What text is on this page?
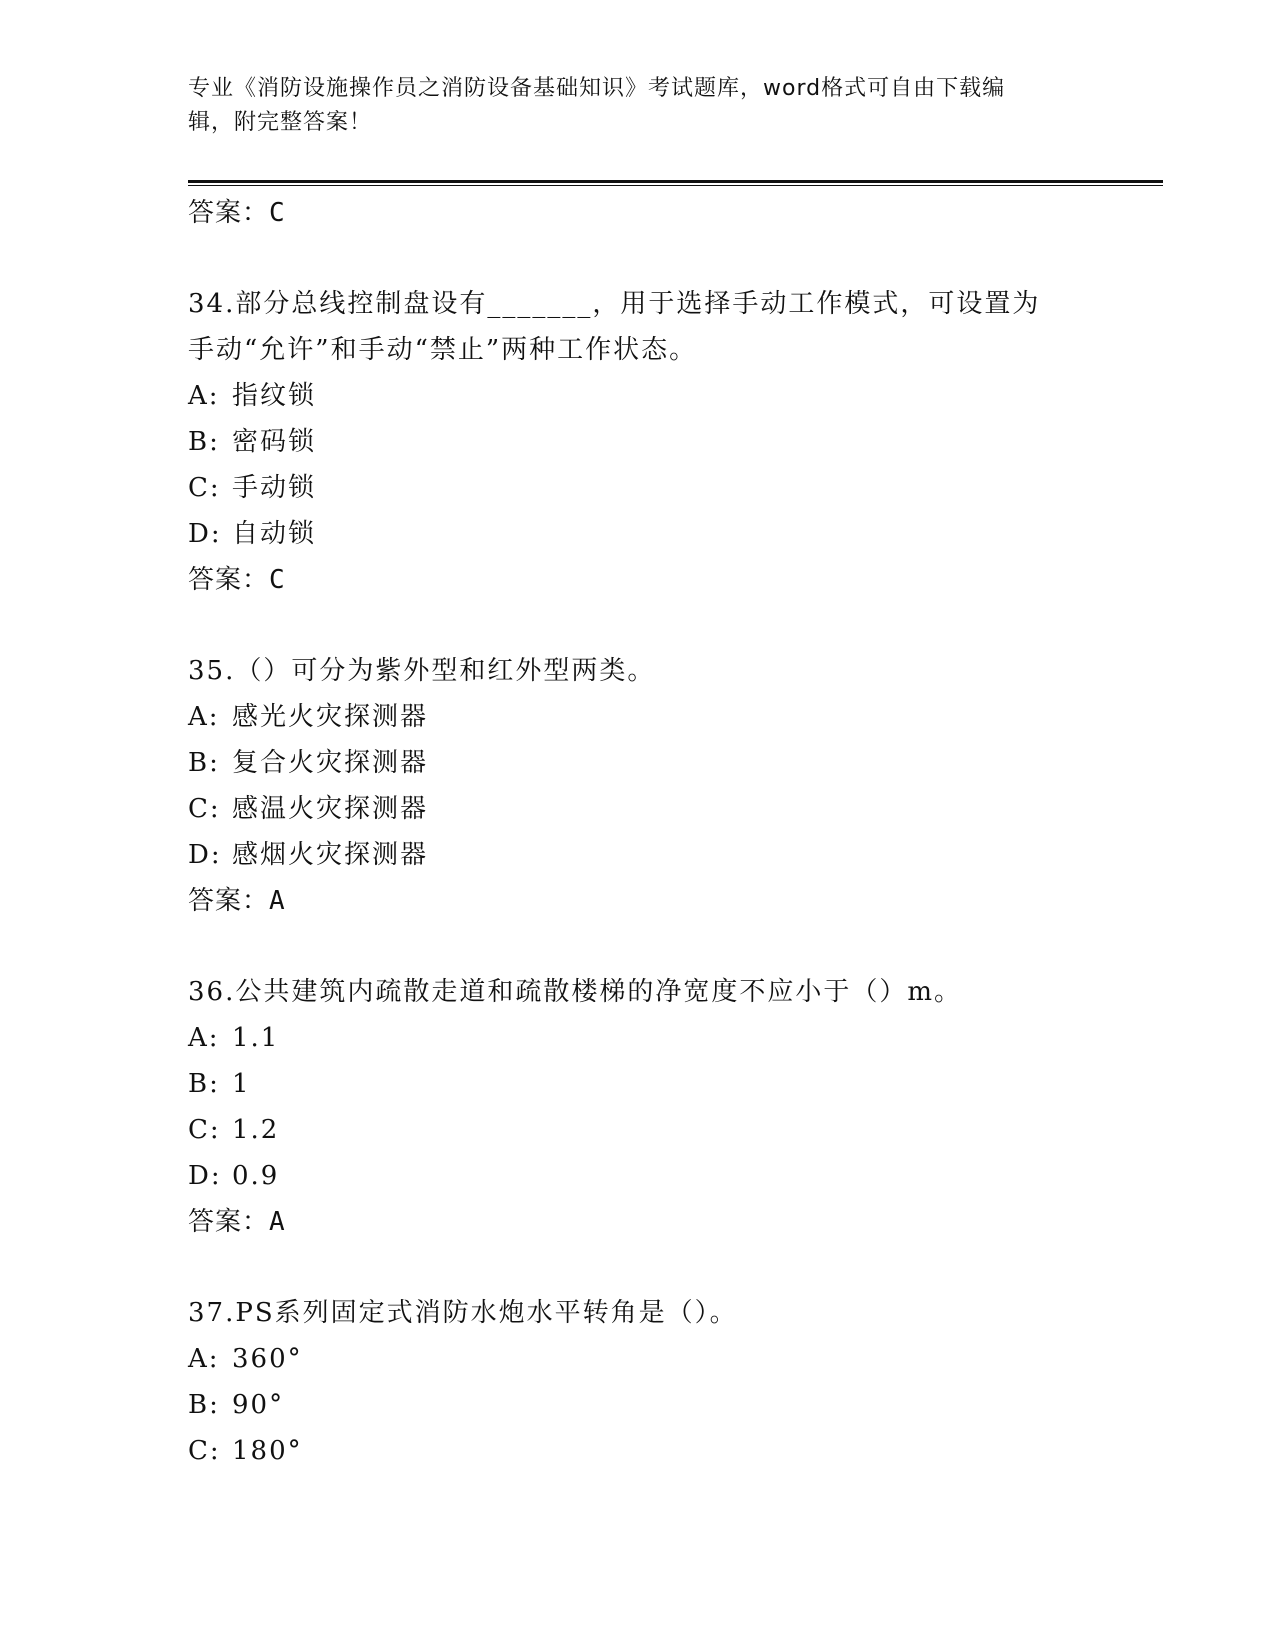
专业《消防设施操作员之消防设备基础知识》考试题库，word格式可自由下载编
辑，附完整答案！
答案：C
34.部分总线控制盘设有_______，用于选择手动工作模式，可设置为
手动“允许”和手动“禁止”两种工作状态。
A: 指纹锁
B: 密码锁
C: 手动锁
D: 自动锁
答案：C
35.（）可分为紫外型和红外型两类。
A: 感光火灾探测器
B: 复合火灾探测器
C: 感温火灾探测器
D: 感烟火灾探测器
答案：A
36.公共建筑内疏散走道和疏散楼梯的净宽度不应小于（）m。
A: 1.1
B: 1
C: 1.2
D: 0.9
答案：A
37.PS系列固定式消防水炮水平转角是（）。
A: 360°
B: 90°
C: 180°
